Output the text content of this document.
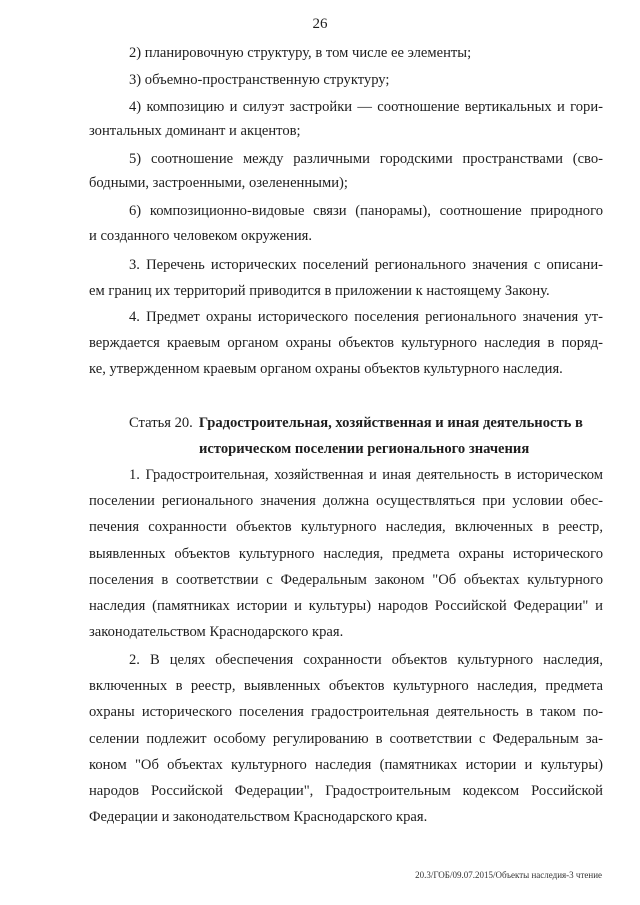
26
2) планировочную структуру, в том числе ее элементы;
3) объемно-пространственную структуру;
4) композицию и силуэт застройки — соотношение вертикальных и гори-
зонтальных доминант и акцентов;
5) соотношение между различными городскими пространствами (сво-
бодными, застроенными, озелененными);
6) композиционно-видовые связи (панорамы), соотношение природного
и созданного человеком окружения.
3. Перечень исторических поселений регионального значения с описани-
ем границ их территорий приводится в приложении к настоящему Закону.
4. Предмет охраны исторического поселения регионального значения ут-
верждается краевым органом охраны объектов культурного наследия в поряд-
ке, утвержденном краевым органом охраны объектов культурного наследия.
Статья 20. Градостроительная, хозяйственная и иная деятельность в
историческом поселении регионального значения
1. Градостроительная, хозяйственная и иная деятельность в историческом
поселении регионального значения должна осуществляться при условии обес-
печения сохранности объектов культурного наследия, включенных в реестр,
выявленных объектов культурного наследия, предмета охраны исторического
поселения в соответствии с Федеральным законом "Об объектах культурного
наследия (памятниках истории и культуры) народов Российской Федерации" и
законодательством Краснодарского края.
2. В целях обеспечения сохранности объектов культурного наследия,
включенных в реестр, выявленных объектов культурного наследия, предмета
охраны исторического поселения градостроительная деятельность в таком по-
селении подлежит особому регулированию в соответствии с Федеральным за-
коном "Об объектах культурного наследия (памятниках истории и культуры)
народов Российской Федерации", Градостроительным кодексом Российской
Федерации и законодательством Краснодарского края.
20.3/ГОБ/09.07.2015/Объекты наследия-3 чтение
